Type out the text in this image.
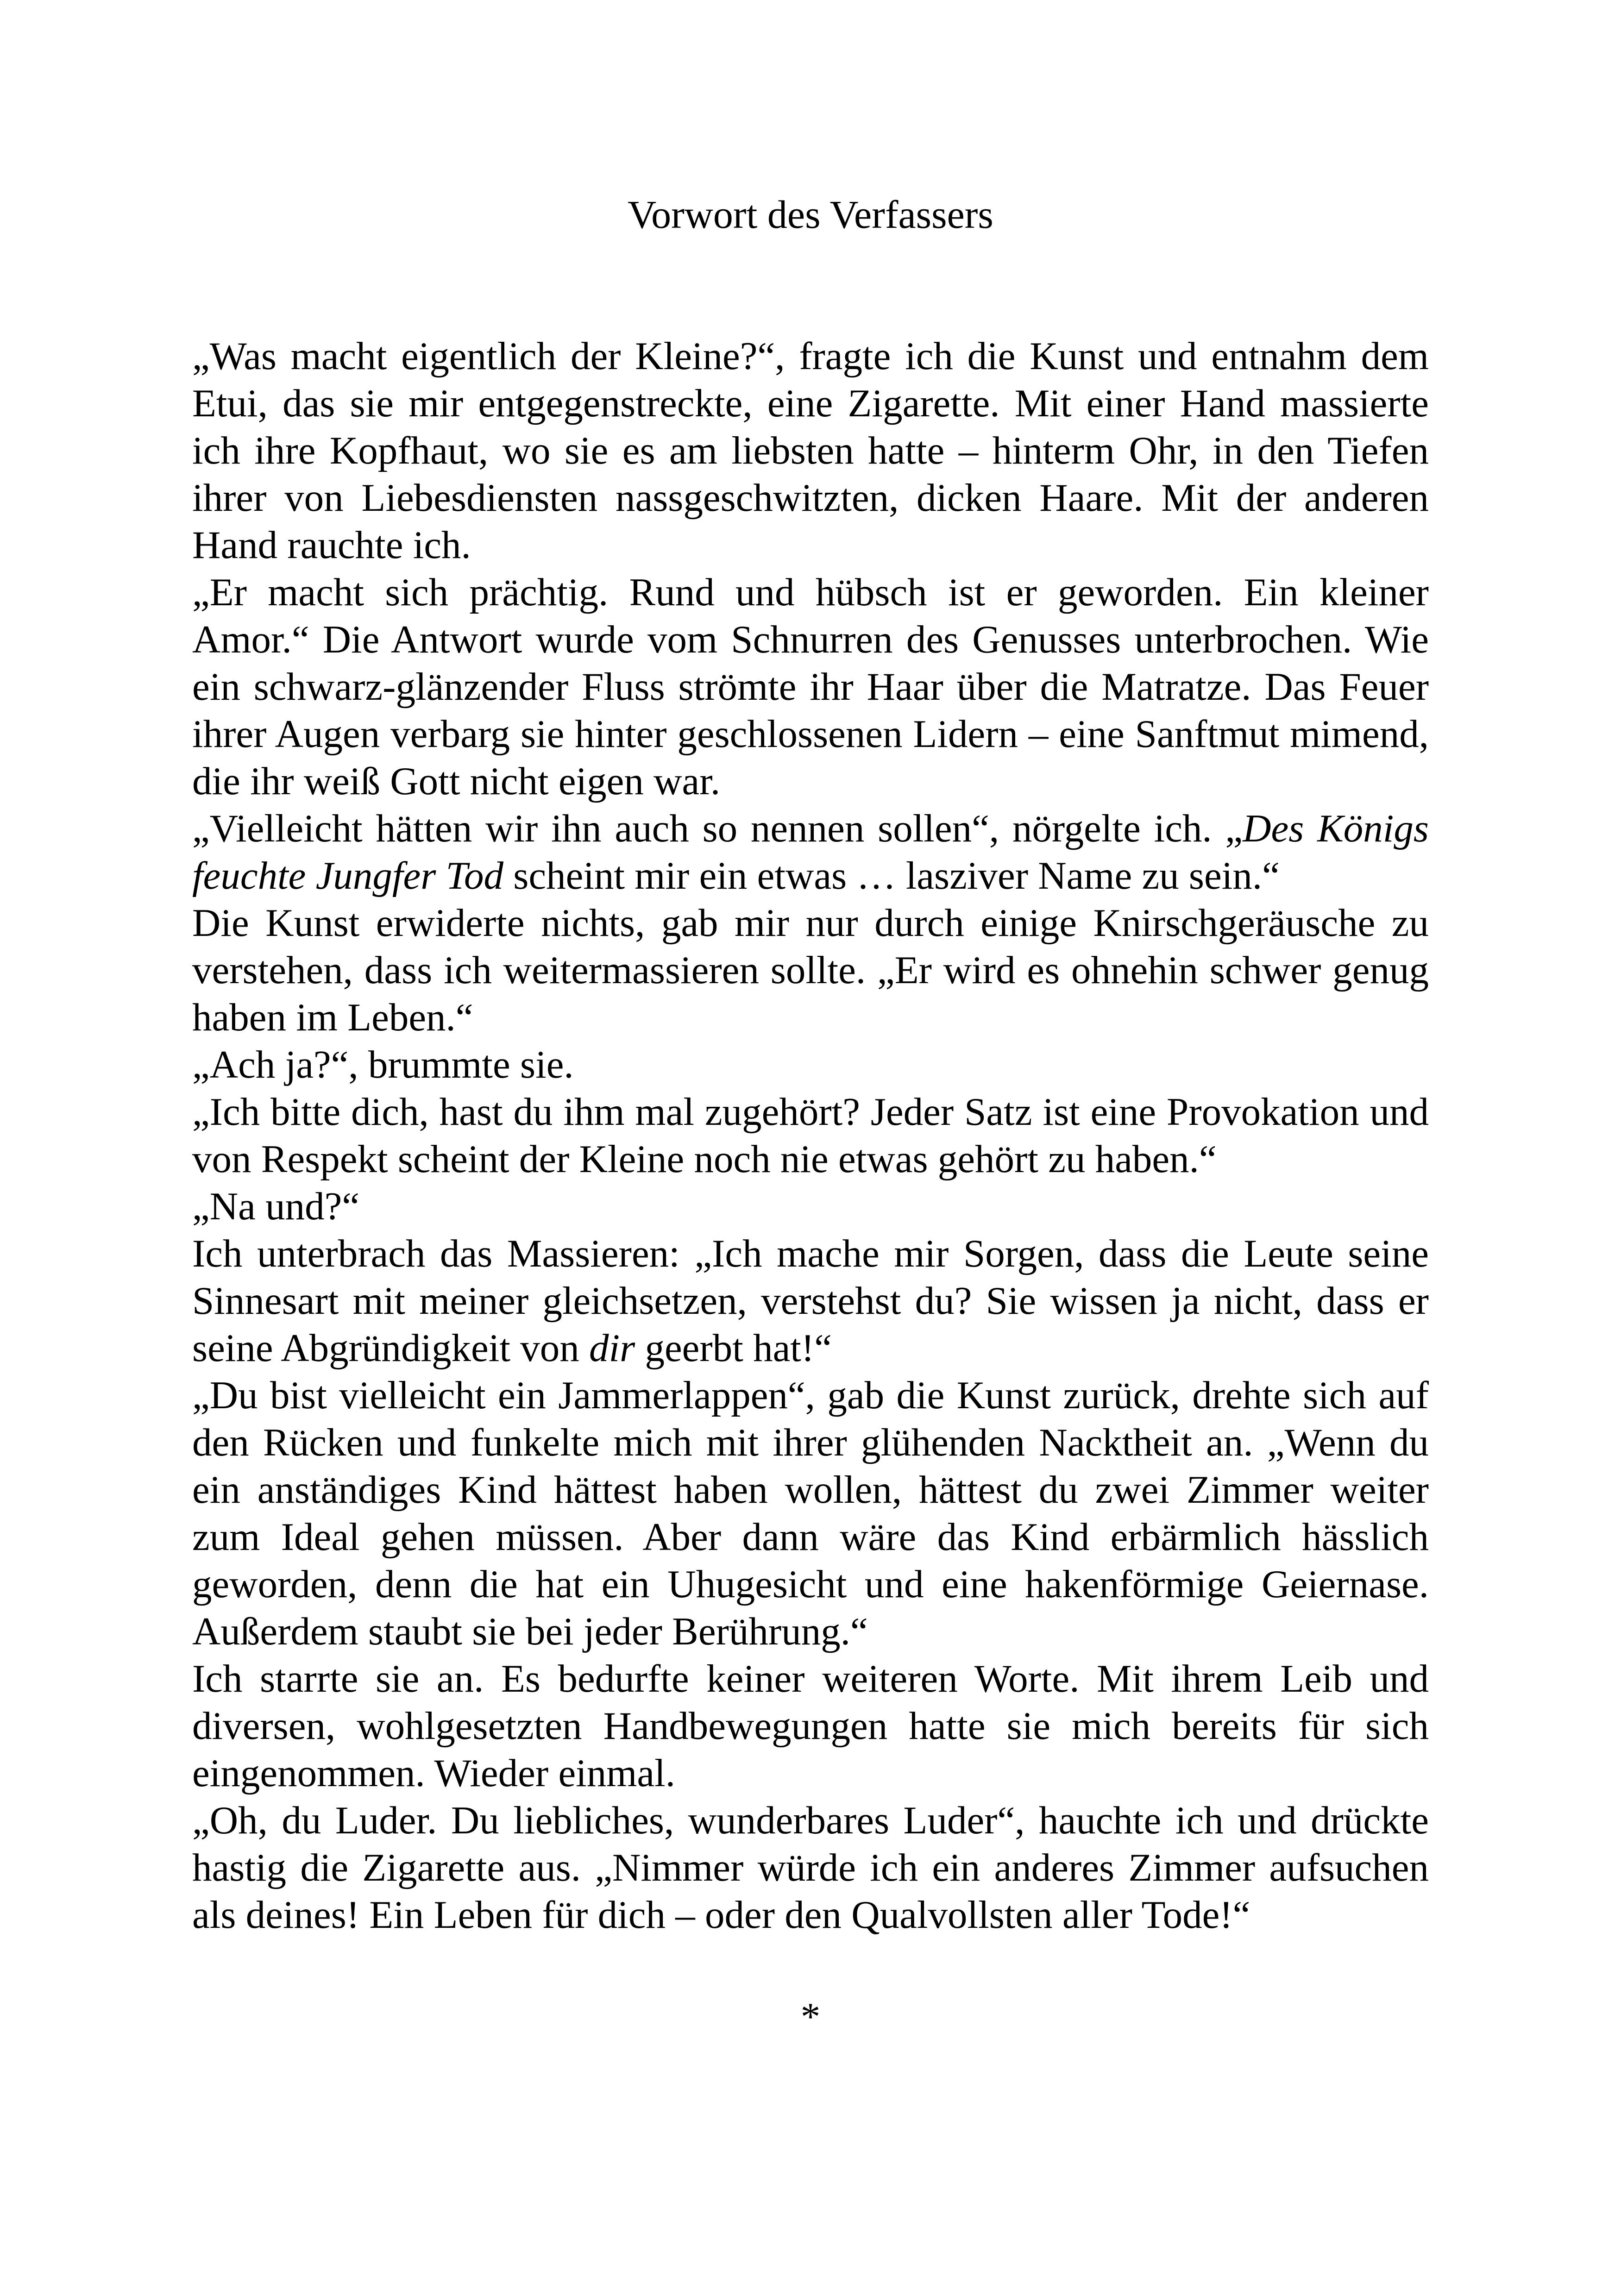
Vorwort des Verfassers

„Was macht eigentlich der Kleine?“, fragte ich die Kunst und entnahm dem Etui, das sie mir entgegenstreckte, eine Zigarette. Mit einer Hand massierte ich ihre Kopfhaut, wo sie es am liebsten hatte – hinterm Ohr, in den Tiefen ihrer von Liebesdiensten nassgeschwitzten, dicken Haare. Mit der anderen Hand rauchte ich.

„Er macht sich prächtig. Rund und hübsch ist er geworden. Ein kleiner Amor.“ Die Antwort wurde vom Schnurren des Genusses unterbrochen. Wie ein schwarz-glänzender Fluss strömte ihr Haar über die Matratze. Das Feuer ihrer Augen verbarg sie hinter geschlossenen Lidern – eine Sanftmut mimend, die ihr weiß Gott nicht eigen war.

„Vielleicht hätten wir ihn auch so nennen sollen“, nörgelte ich. „Des Königs feuchte Jungfer Tod scheint mir ein etwas … lasziver Name zu sein.“

Die Kunst erwiderte nichts, gab mir nur durch einige Knirschgeräusche zu verstehen, dass ich weitermassieren sollte. „Er wird es ohnehin schwer genug haben im Leben.“

„Ach ja?“, brummte sie.

„Ich bitte dich, hast du ihm mal zugehört? Jeder Satz ist eine Provokation und von Respekt scheint der Kleine noch nie etwas gehört zu haben.“

„Na und?“

Ich unterbrach das Massieren: „Ich mache mir Sorgen, dass die Leute seine Sinnesart mit meiner gleichsetzen, verstehst du? Sie wissen ja nicht, dass er seine Abgründigkeit von dir geerbt hat!“

„Du bist vielleicht ein Jammerlappen“, gab die Kunst zurück, drehte sich auf den Rücken und funkelte mich mit ihrer glühenden Nacktheit an. „Wenn du ein anständiges Kind hättest haben wollen, hättest du zwei Zimmer weiter zum Ideal gehen müssen. Aber dann wäre das Kind erbärmlich hässlich geworden, denn die hat ein Uhugesicht und eine hakenförmige Geiernase. Außerdem staubt sie bei jeder Berührung.“

Ich starrte sie an. Es bedurfte keiner weiteren Worte. Mit ihrem Leib und diversen, wohlgesetzten Handbewegungen hatte sie mich bereits für sich eingenommen. Wieder einmal.

„Oh, du Luder. Du liebliches, wunderbares Luder“, hauchte ich und drückte hastig die Zigarette aus. „Nimmer würde ich ein anderes Zimmer aufsuchen als deines! Ein Leben für dich – oder den Qualvollsten aller Tode!“

*
